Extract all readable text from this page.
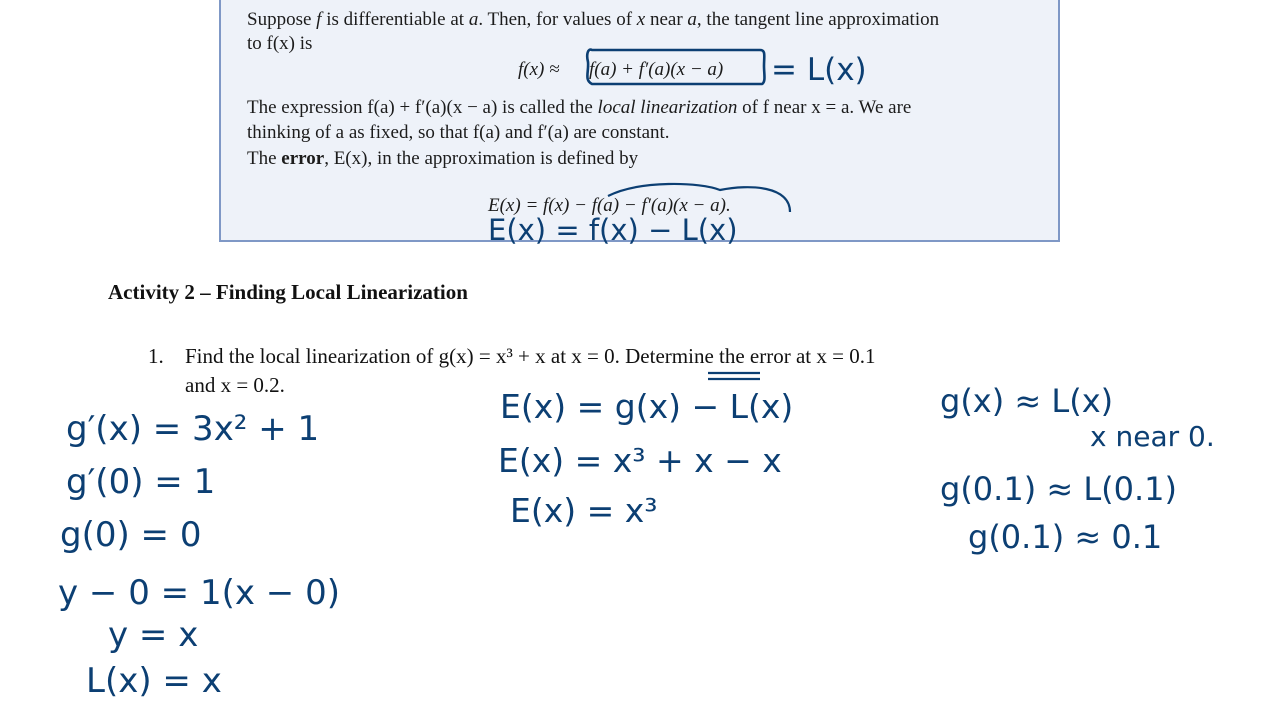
Suppose f is differentiable at a. Then, for values of x near a, the tangent line approximation
to f(x) is
f(x) ≈ f(a) + f′(a)(x − a)
The expression f(a) + f′(a)(x − a) is called the local linearization of f near x = a. We are
thinking of a as fixed, so that f(a) and f′(a) are constant.
The error, E(x), in the approximation is defined by
E(x) = f(x) − f(a) − f′(a)(x − a).
Activity 2 – Finding Local Linearization
1. Find the local linearization of g(x) = x³ + x at x = 0. Determine the error at x = 0.1
and x = 0.2.
= L(x)
E(x) = f(x) − L(x)
g′(x) = 3x² + 1
g′(0) = 1
g(0) = 0
y − 0 = 1(x − 0)
y = x
L(x) = x
E(x) = g(x) − L(x)
E(x) = x³ + x − x
E(x) = x³
g(x) ≈ L(x)
x near 0.
g(0.1) ≈ L(0.1)
g(0.1) ≈ 0.1
